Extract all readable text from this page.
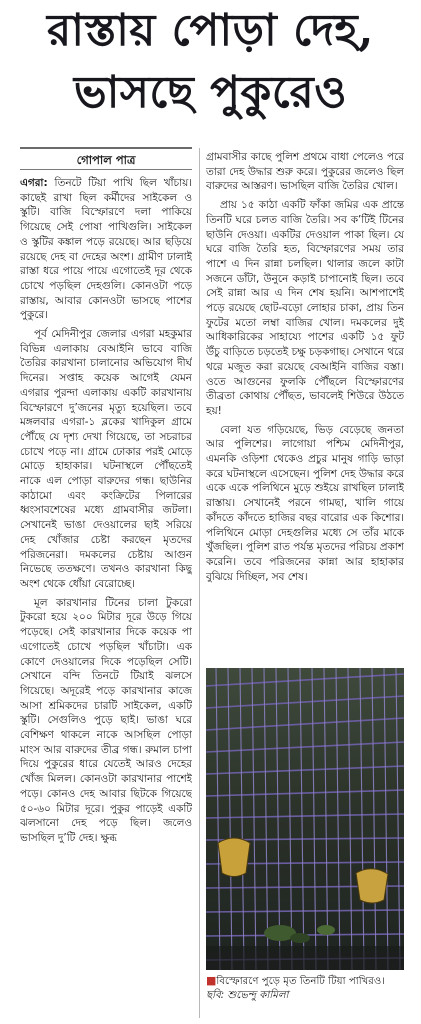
রাস্তায় পোড়া দেহ,
ভাসছে পুকুরেও
গোপাল পাত্র

এগরা: তিনটে টিয়া পাখি ছিল খাঁচায়। কাছেই রাখা ছিল কর্মীদের সাইকেল ও স্কুটি। বাজি বিস্ফোরণে দলা পাকিয়ে গিয়েছে সেই পোষা পাখিগুলি। সাইকেল ও স্কুটির কঙ্কাল পড়ে রয়েছে। আর ছড়িয়ে রয়েছে দেহ বা দেহের অংশ। গ্রামীণ ঢালাই রাস্তা ধরে পায়ে পায়ে এগোতেই দূর থেকে চোখে পড়ছিল দেহগুলি। কোনওটা পড়ে রাস্তায়, আবার কোনওটা ভাসছে পাশের পুকুরে।

পূর্ব মেদিনীপুর জেলার এগরা মহকুমার বিভিন্ন এলাকায় বেআইনি ভাবে বাজি তৈরির কারখানা চালানোর অভিযোগ দীর্ঘ দিনের। সপ্তাহ কয়েক আগেই যেমন এগরার পুরন্দা এলাকায় একটি কারখানায় বিস্ফোরণে দু’জনের মৃত্যু হয়েছিল। তবে মঙ্গলবার এগরা-১ ব্লকের খাদিকুল গ্রামে পৌঁছে যে দৃশ্য দেখা গিয়েছে, তা সচরাচর চোখে পড়ে না। গ্রামে ঢোকার পরই মোড়ে মোড়ে হাহাকার। ঘটনাস্থলে পৌঁছতেই নাকে এল পোড়া বারুদের গন্ধ। ছাউনির কাঠামো এবং কংক্রিটের পিলারের ধ্বংসাবশেষের মধ্যে গ্রামবাসীর জটলা। সেখানেই ভাঙা দেওয়ালের ছাই সরিয়ে দেহ খোঁজার চেষ্টা করছেন মৃতদের পরিজনেরা। দমকলের চেষ্টায় আগুন নিভেছে ততক্ষণে। তখনও কারখানা কিছু অংশ থেকে ধোঁয়া বেরোচ্ছে।

মূল কারখানার টিনের চালা টুকরো টুকরো হয়ে ২০০ মিটার দূরে উড়ে গিয়ে পড়েছে। সেই কারখানার দিকে কয়েক পা এগোতেই চোখে পড়ছিল খাঁচাটা। এক কোণে দেওয়ালের দিকে পড়েছিল সেটি। সেখানে বন্দি তিনটে টিয়াই ঝলসে গিয়েছে। অদূরেই পড়ে কারখানার কাজে আসা শ্রমিকদের চারটি সাইকেল, একটি স্কুটি। সেগুলিও পুড়ে ছাই। ভাঙা ঘরে বেশিক্ষণ থাকলে নাকে আসছিল পোড়া মাংস আর বারুদের তীব্র গন্ধ। রুমাল চাপা দিয়ে পুকুরের ধারে যেতেই আরও দেহের খোঁজ মিলল। কোনওটা কারখানার পাশেই পড়ে। কোনও দেহ আবার ছিটকে গিয়েছে ৫০-৬০ মিটার দূরে। পুকুর পাড়েই একটি ঝলসানো দেহ পড়ে ছিল। জলেও ভাসছিল দু’টি দেহ। ক্ষুব্ধ

গ্রামবাসীর কাছে পুলিশ প্রথমে বাধা পেলেও পরে তারা দেহ উদ্ধার শুরু করে। পুকুরের জলেও ছিল বারুদের আস্তরণ। ভাসছিল বাজি তৈরির খোল।

প্রায় ১৫ কাঠা একটি ফাঁকা জমির এক প্রান্তে তিনটি ঘরে চলত বাজি তৈরি। সব ক’টিই টিনের ছাউনি দেওয়া। একটির দেওয়াল পাকা ছিল। যে ঘরে বাজি তৈরি হত, বিস্ফোরণের সময় তার পাশে এ দিন রান্না চলছিল। থালার জলে কাটা সজনে ডাঁটা, উনুনে কড়াই চাপানোই ছিল। তবে সেই রান্না আর এ দিন শেষ হয়নি। আশপাশেই পড়ে রয়েছে ছোট-বড়ো লোহার চাকা, প্রায় তিন ফুটের মতো লম্বা বাজির খোল। দমকলের দুই আধিকারিকের সাহায্যে পাশের একটি ১৫ ফুট উঁচু বাড়িতে চড়তেই চক্ষু চড়কগাছ। সেখানে থরে থরে মজুত করা রয়েছে বেআইনি বাজির বস্তা। ওতে আগুনের ফুলকি পৌঁছলে বিস্ফোরণের তীব্রতা কোথায় পৌঁছত, ভাবলেই শিউরে উঠতে হয়!

বেলা যত গড়িয়েছে, ভিড় বেড়েছে জনতা আর পুলিশের। লাগোয়া পশ্চিম মেদিনীপুর, এমনকি ওড়িশা থেকেও প্রচুর মানুষ গাড়ি ভাড়া করে ঘটনাস্থলে এসেছেন। পুলিশ দেহ উদ্ধার করে একে একে পলিথিনে মুড়ে শুইয়ে রাখছিল ঢালাই রাস্তায়। সেখানেই পরনে গামছা, খালি গায়ে কাঁদতে কাঁদতে হাজির বছর বারোর এক কিশোর। পলিথিনে মোড়া দেহগুলির মধ্যে সে তাঁর মাকে খুঁজছিল। পুলিশ রাত পর্যন্ত মৃতদের পরিচয় প্রকাশ করেনি। তবে পরিজনের কান্না আর হাহাকার বুঝিয়ে দিচ্ছিল, সব শেষ।

■বিস্ফোরণে পুড়ে মৃত তিনটি টিয়া পাখিরও। ছবি: শুভেন্দু কামিলা
